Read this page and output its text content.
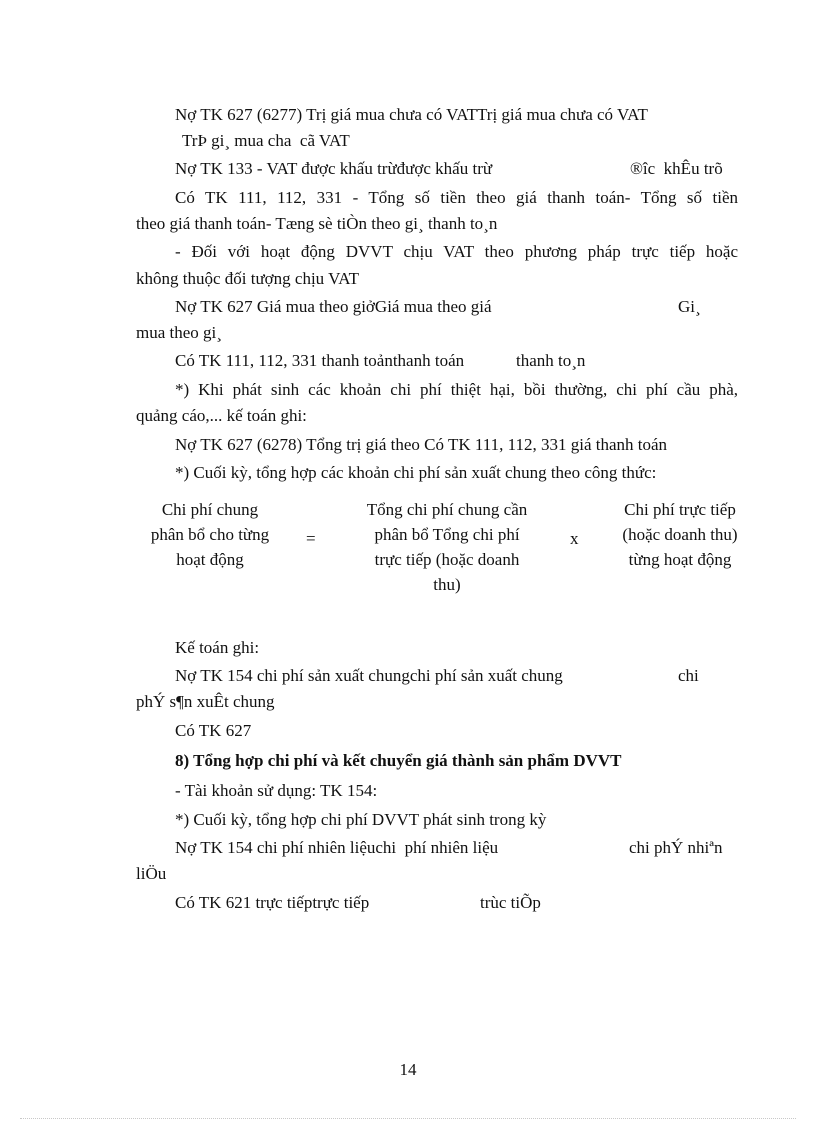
Nợ TK 627 (6277) Trị giá mua chưa có VATTrị giá mua chưa có VAT
TrÞ gi¸ mua cha  cã VAT
Nợ TK 133 - VAT được khấu trừđược khấu trừ	®îc  khÊu trõ
Có TK 111, 112, 331 - Tổng số tiền theo giá thanh toán- Tổng số tiền
theo giá thanh toán- Tæng sè tiÒn theo gi¸ thanh to¸n
- Đối với hoạt động DVVT chịu VAT theo phương pháp trực tiếp hoặc
không thuộc đối tượng chịu VAT
Nợ TK 627 Giá mua theo giởGiá mua theo giá	Gi¸
mua theo gi¸
Có TK 111, 112, 331 thanh toảnthanh toán	thanh to¸n
*) Khi phát sinh các khoản chi phí thiệt hại, bồi thường, chi phí cầu phà,
quảng cáo,... kế toán ghi:
Nợ TK 627 (6278) Tổng trị giá theo Có TK 111, 112, 331 giá thanh toán
*) Cuối kỳ, tổng hợp các khoản chi phí sản xuất chung theo công thức:
Chi phí chung
phân bổ cho từng
hoạt động
=
Tổng chi phí chung cần
phân bổ Tổng chi phí
trực tiếp (hoặc doanh
thu)
x
Chi phí trực tiếp
(hoặc doanh thu)
từng hoạt động
Kế toán ghi:
Nợ TK 154 chi phí sản xuất chungchi phí sản xuất chung	chi
phÝ s¶n xuÊt chung
Có TK 627
8) Tổng hợp chi phí và kết chuyển giá thành sản phẩm DVVT
- Tài khoản sử dụng: TK 154:
*) Cuối kỳ, tổng hợp chi phí DVVT phát sinh trong kỳ
Nợ TK 154 chi phí nhiên liệuchi  phí nhiên liệu	chi phÝ nhiªn
liÖu
Có TK 621 trực tiếptrực tiếp	trùc tiÕp
14
